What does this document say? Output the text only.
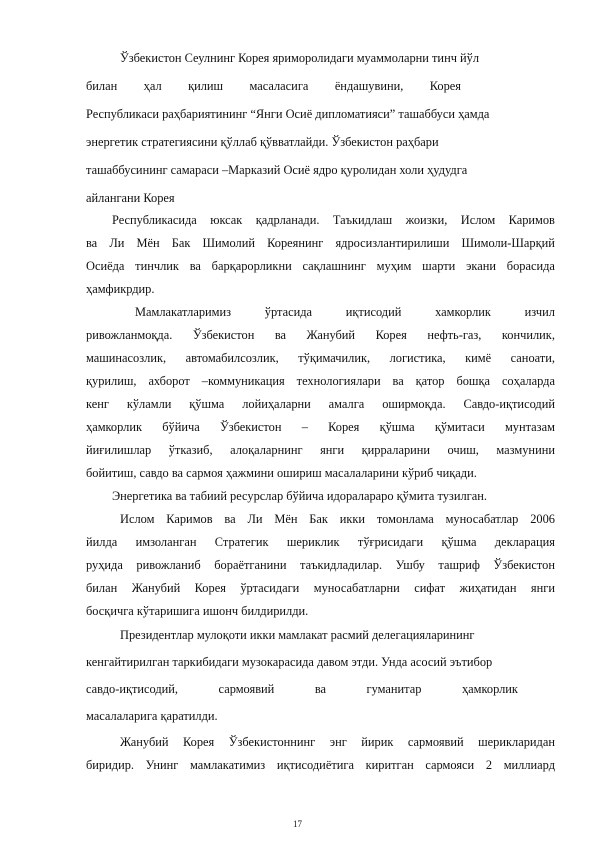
Ўзбекистон Сеулнинг Корея яриморолидаги муаммоларни тинч йўл
билан ҳал қилиш масаласига ёндашувини, Корея
Республикаси раҳбариятининг “Янги Осиё дипломатияси” ташаббуси ҳамда
энергетик стратегиясини қўллаб қўвватлайди. Ўзбекистон раҳбари
ташаббусининг самараси –Марказий Осиё ядро қуролидан холи ҳудудга
айлангани Корея
Республикасида юксак қадрланади. Таъкидлаш жоизки, Ислом Каримов
ва Ли Мён Бак Шимолий Кореянинг ядросизлантирилиши Шимоли-Шарқий
Осиёда тинчлик ва барқарорликни сақлашнинг муҳим шарти экани борасида
ҳамфикрдир.
Мамлакатларимиз	ўртасида	иқтисодий	хамкорлик	изчил
ривожланмоқда. Ўзбекистон ва Жанубий Корея нефть-газ, кончилик,
машинасозлик, автомабилсозлик, тўқимачилик, логистика, кимё саноати,
қурилиш, ахборот –коммуникация технологиялари ва қатор бошқа соҳаларда
кенг кўламли қўшма лойиҳаларни амалга оширмоқда. Савдо-иқтисодий
ҳамкорлик бўйича Ўзбекистон – Корея қўшма қўмитаси мунтазам
йиғилишлар ўтказиб, алоқаларнинг янги қирраларини очиш, мазмунини
бойитиш, савдо ва сармоя ҳажмини ошириш масалаларини кўриб чиқади.
Энергетика ва табиий ресурслар бўйича идоралараро қўмита тузилган.
Ислом Каримов ва Ли Мён Бак икки томонлама муносабатлар 2006
йилда имзоланган Стратегик шериклик тўғрисидаги қўшма декларация
руҳида ривожланиб бораётганини таъкидладилар. Ушбу ташриф Ўзбекистон
билан Жанубий Корея ўртасидаги муносабатларни сифат жиҳатидан янги
босқичга кўтаришига ишонч билдирилди.
Президентлар мулоқоти икки мамлакат расмий делегацияларининг
кенгайтирилган таркибидаги музокарасида давом этди. Унда асосий эътибор
савдо-иқтисодий,	сармоявий	ва	гуманитар	ҳамкорлик
масалаларига қаратилди.
Жанубий Корея Ўзбекистоннинг энг йирик сармоявий шерикларидан
биридир. Унинг мамлакатимиз иқтисодиётига киритган сармояси 2 миллиард
17
